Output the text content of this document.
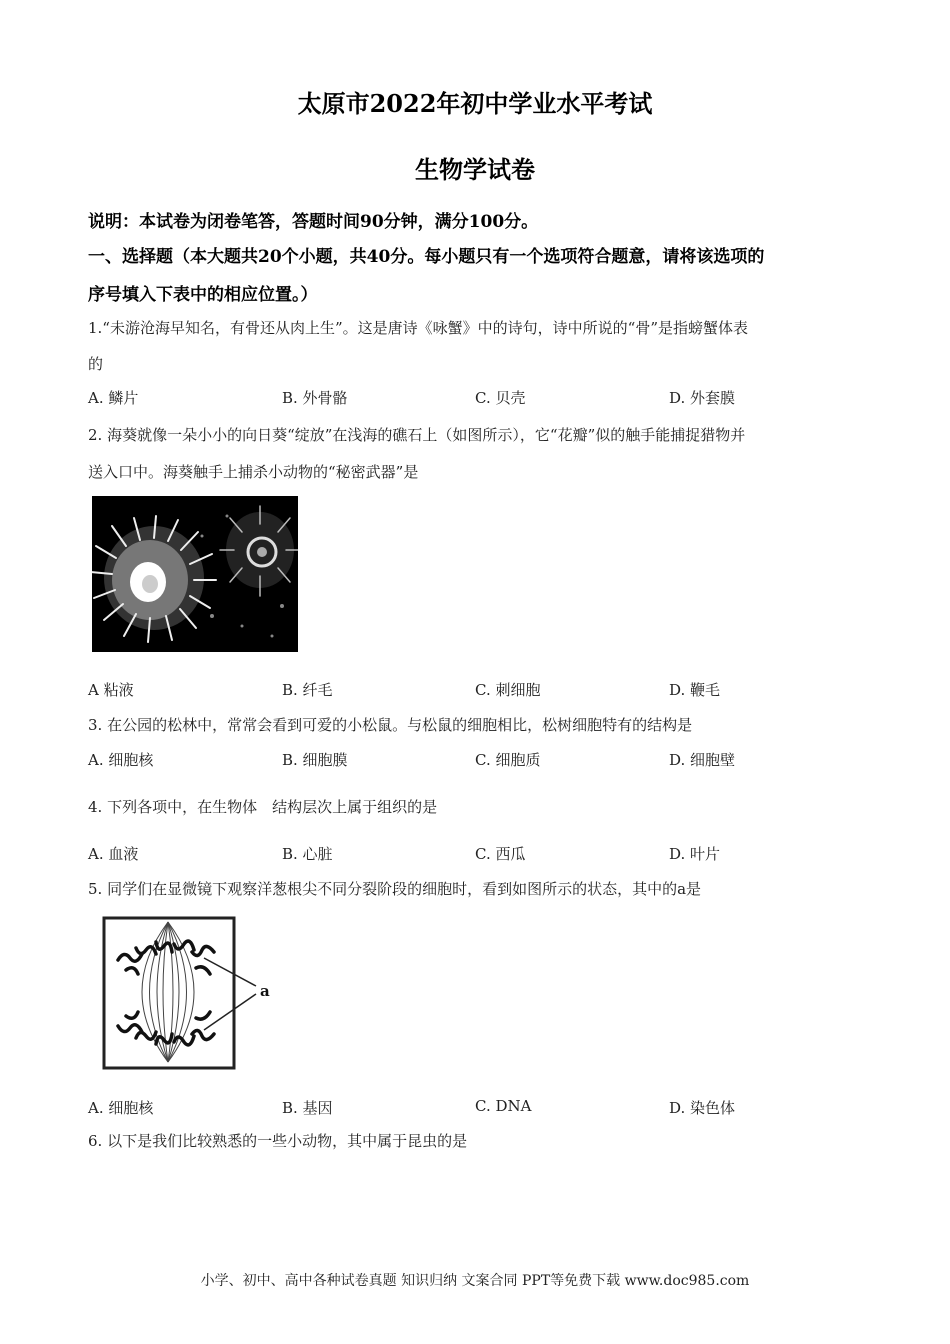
太原市2022年初中学业水平考试
生物学试卷
说明：本试卷为闭卷笔答，答题时间90分钟，满分100分。
一、选择题（本大题共20个小题，共40分。每小题只有一个选项符合题意，请将该选项的
序号填入下表中的相应位置。）
1.“未游沧海早知名，有骨还从肉上生”。这是唐诗《咏蟹》中的诗句，诗中所说的“骨”是指螃蟹体表
的
A. 鳞片	B. 外骨骼	C. 贝壳	D. 外套膜
2. 海葵就像一朵小小的向日葵“绽放”在浅海的礁石上（如图所示），它“花瓣”似的触手能捕捉猎物并
送入口中。海葵触手上捕杀小动物的“秘密武器”是
A 粘液	B. 纤毛	C. 刺细胞	D. 鞭毛
3. 在公园的松林中，常常会看到可爱的小松鼠。与松鼠的细胞相比，松树细胞特有的结构是
A. 细胞核	B. 细胞膜	C. 细胞质	D. 细胞壁
4. 下列各项中，在生物体　结构层次上属于组织的是
A. 血液	B. 心脏	C. 西瓜	D. 叶片
5. 同学们在显微镜下观察洋葱根尖不同分裂阶段的细胞时，看到如图所示的状态，其中的a是
a
A. 细胞核	B. 基因	C. DNA	D. 染色体
6. 以下是我们比较熟悉的一些小动物，其中属于昆虫的是
小学、初中、高中各种试卷真题 知识归纳 文案合同 PPT等免费下载 www.doc985.com
